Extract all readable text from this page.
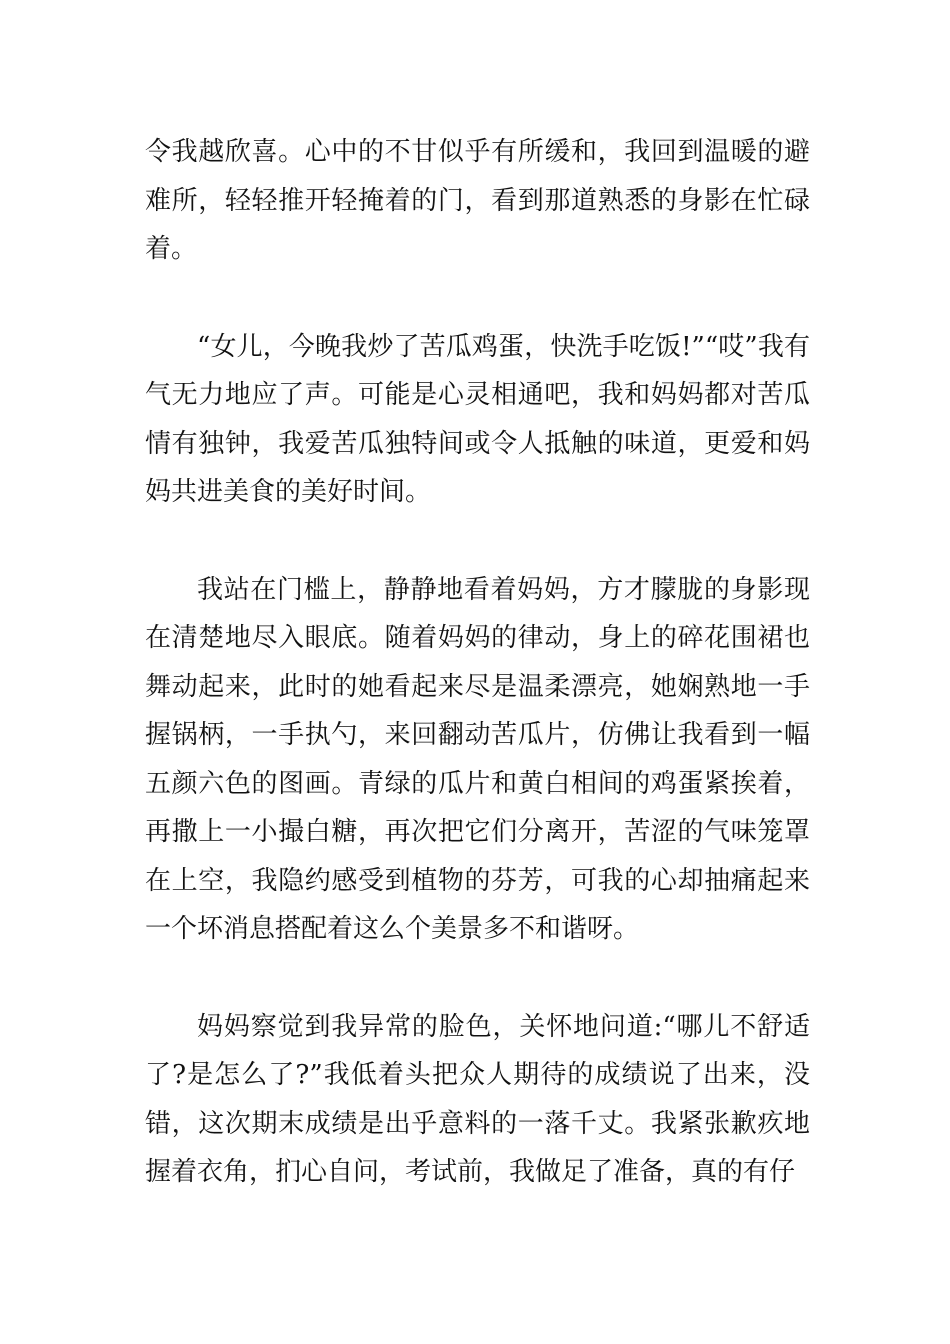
令我越欣喜。心中的不甘似乎有所缓和，我回到温暖的避难所，轻轻推开轻掩着的门，看到那道熟悉的身影在忙碌着。

“女儿，今晚我炒了苦瓜鸡蛋，快洗手吃饭!”“哎”我有气无力地应了声。可能是心灵相通吧，我和妈妈都对苦瓜情有独钟，我爱苦瓜独特间或令人抵触的味道，更爱和妈妈共进美食的美好时间。

我站在门槛上，静静地看着妈妈，方才朦胧的身影现在清楚地尽入眼底。随着妈妈的律动，身上的碎花围裙也舞动起来，此时的她看起来尽是温柔漂亮，她娴熟地一手握锅柄，一手执勺，来回翻动苦瓜片，仿佛让我看到一幅五颜六色的图画。青绿的瓜片和黄白相间的鸡蛋紧挨着，再撒上一小撮白糖，再次把它们分离开，苦涩的气味笼罩在上空，我隐约感受到植物的芬芳，可我的心却抽痛起来一个坏消息搭配着这么个美景多不和谐呀。

妈妈察觉到我异常的脸色，关怀地问道:“哪儿不舒适了?是怎么了?”我低着头把众人期待的成绩说了出来，没错，这次期末成绩是出乎意料的一落千丈。我紧张歉疚地握着衣角，扪心自问，考试前，我做足了准备，真的有仔
